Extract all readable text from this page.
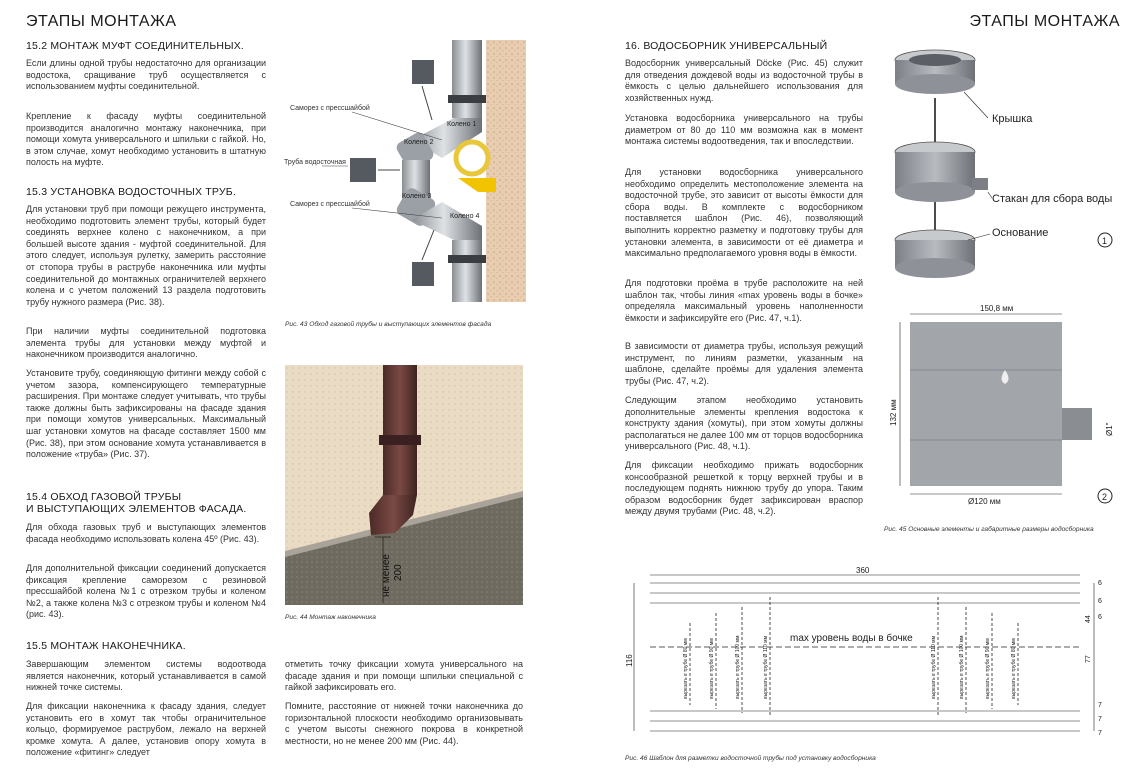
ЭТАПЫ МОНТАЖА	ЭТАПЫ МОНТАЖА
15.2 МОНТАЖ МУФТ СОЕДИНИТЕЛЬНЫХ.
Если длины одной трубы недостаточно для организации водостока, сращивание труб осуществляется с использованием муфты соединительной.
Крепление к фасаду муфты соединительной производится аналогично монтажу наконечника, при помощи хомута универсального и шпильки с гайкой. Но, в этом случае, хомут необходимо установить в штатную полость на муфте.
15.3 УСТАНОВКА ВОДОСТОЧНЫХ ТРУБ.
Для установки труб при помощи режущего инструмента, необходимо подготовить элемент трубы, который будет соединять верхнее колено с наконечником, а при большей высоте здания - муфтой соединительной. Для этого следует, используя рулетку, замерить расстояние от стопора трубы в раструбе наконечника или муфты соединительной до монтажных ограничителей верхнего колена и с учетом положений 13 раздела подготовить трубу нужного размера (Рис. 38).
При наличии муфты соединительной подготовка элемента трубы для установки между муфтой и наконечником производится аналогично.
Установите трубу, соединяющую фитинги между собой с учетом зазора, компенсирующего температурные расширения. При монтаже следует учитывать, что трубы также должны быть зафиксированы на фасаде здания при помощи хомутов универсальных. Максимальный шаг установки хомутов на фасаде составляет 1500 мм (Рис. 38), при этом основание хомута устанавливается в положение «труба» (Рис. 37).
15.4 ОБХОД ГАЗОВОЙ ТРУБЫ
И ВЫСТУПАЮЩИХ ЭЛЕМЕНТОВ ФАСАДА.
Для обхода газовых труб и выступающих элементов фасада необходимо использовать колена 45º (Рис. 43).
Для дополнительной фиксации соединений допускается фиксация крепление саморезом с резиновой прессшайбой колена №1 с отрезком трубы и коленом №2, а также колена №3 с отрезком трубы и коленом №4 (рис. 43).
15.5 МОНТАЖ НАКОНЕЧНИКА.
Завершающим элементом системы водоотвода является наконечник, который устанавливается в самой нижней точке системы.
Для фиксации наконечника к фасаду здания, следует установить его в хомут так чтобы ограничительное кольцо, формируемое раструбом, лежало на верхней кромке хомута. А далее, установив опору хомута в положение «фитинг» следует
отметить точку фиксации хомута универсального на фасаде здания и при помощи шпильки специальной с гайкой зафиксировать его.
Помните, расстояние от нижней точки наконечника до горизонтальной плоскости необходимо организовывать с учетом высоты снежного покрова в конкретной местности, но не менее 200 мм (Рис. 44).
Саморез с прессшайбой
Труба водосточная
Саморез с прессшайбой
Колено 1
Колено 2
Колено 3
Колено 4
Рис. 43 Обход газовой трубы и выступающих элементов фасада
не менее 200
Рис. 44 Монтаж наконечника
16. ВОДОСБОРНИК УНИВЕРСАЛЬНЫЙ
Водосборник универсальный Döcke (Рис. 45) служит для отведения дождевой воды из водосточной трубы в ёмкость с целью дальнейшего использования для хозяйственных нужд.
Установка водосборника универсального на трубы диаметром от 80 до 110 мм возможна как в момент монтажа системы водоотведения, так и впоследствии.
Для установки водосборника универсального необходимо определить местоположение элемента на водосточной трубе, это зависит от высоты ёмкости для сбора воды. В комплекте с водосборником поставляется шаблон (Рис. 46), позволяющий выполнить корректно разметку и подготовку трубы для установки элемента, в зависимости от её диаметра и максимально предполагаемого уровня воды в ёмкости.
Для подготовки проёма в трубе расположите на ней шаблон так, чтобы линия «max уровень воды в бочке» определяла максимальный уровень наполненности ёмкости и зафиксируйте его (Рис. 47, ч.1).
В зависимости от диаметра трубы, используя режущий инструмент, по линиям разметки, указанным на шаблоне, сделайте проёмы для удаления элемента трубы (Рис. 47, ч.2).
Следующим этапом необходимо установить дополнительные элементы крепления водостока к конструкту здания (хомуты), при этом хомуты должны располагаться не далее 100 мм от торцов водосборника универсального (Рис. 48, ч.1).
Для фиксации необходимо прижать водосборник консообразной решеткой к торцу верхней трубы и в последующем поднять нижнюю трубу до упора. Таким образом водосборник будет зафиксирован враспор между двумя трубами (Рис. 48, ч.2).
Крышка
Стакан для сбора воды
Основание
1
150,8 мм
132 мм
Ø120 мм
Ø1"
2
Рис. 45 Основные элементы и габаритные размеры водосборника
360
max уровень воды в бочке
116
6
6
6
44
77
7
7
7
вырезать в трубе Ø 80 мм	вырезать в трубе Ø 90 мм	вырезать в трубе Ø 100 мм	вырезать в трубе Ø 110 мм	вырезать в трубе Ø 110 мм	вырезать в трубе Ø 100 мм	вырезать в трубе Ø 90 мм	вырезать в трубе Ø 80 мм
Рис. 46 Шаблон для разметки водосточной трубы под установку водосборника
